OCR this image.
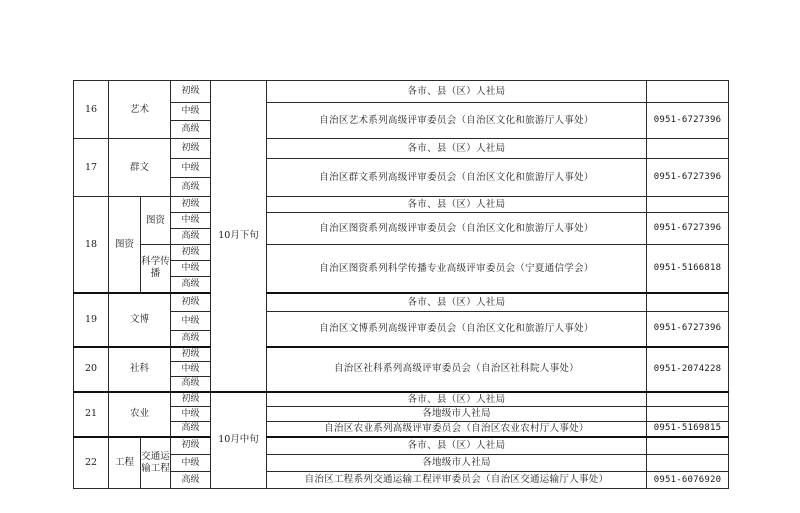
16	艺术		初级	10月下旬	各市、县（区）人社局	
			中级		自治区艺术系列高级评审委员会（自治区文化和旅游厅人事处）	0951-6727396
			高级			
17	群文		初级		各市、县（区）人社局	
			中级		自治区群文系列高级评审委员会（自治区文化和旅游厅人事处）	0951-6727396
			高级			
18	图资	图资	初级		各市、县（区）人社局	
			中级		自治区图资系列高级评审委员会（自治区文化和旅游厅人事处）	0951-6727396
			高级			
		科学传播	初级		自治区图资系列科学传播专业高级评审委员会（宁夏通信学会）	0951-5166818
			中级			
			高级			
19	文博		初级		各市、县（区）人社局	
			中级		自治区文博系列高级评审委员会（自治区文化和旅游厅人事处）	0951-6727396
			高级			
20	社科		初级		自治区社科系列高级评审委员会（自治区社科院人事处）	0951-2074228
			中级			
			高级			
21	农业		初级	10月中旬	各市、县（区）人社局	
			中级		各地级市人社局	
			高级		自治区农业系列高级评审委员会（自治区农业农村厅人事处）	0951-5169815
22	工程	交通运输工程	初级		各市、县（区）人社局	
			中级		各地级市人社局	
			高级		自治区工程系列交通运输工程评审委员会（自治区交通运输厅人事处）	0951-6076920
